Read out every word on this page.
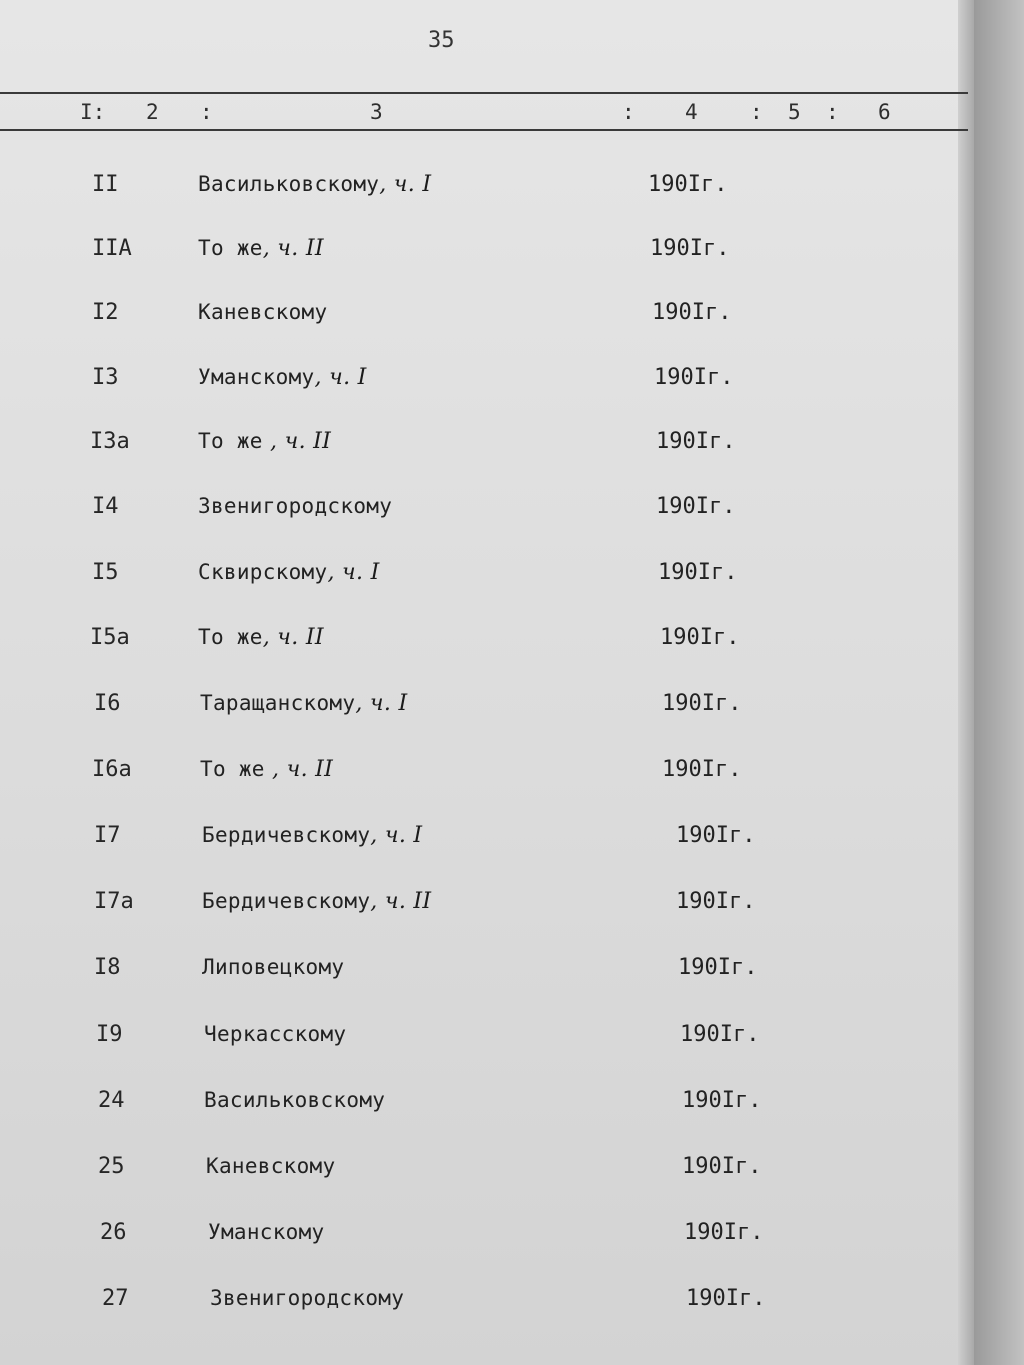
35
I: 2 :	3	: 4 : 5 : 6
II	Васильковскому, ч. I	190Iг.
IIA	То же, ч. II	190Iг.
I2	Каневскому	190Iг.
I3	Уманскому, ч. I	190Iг.
I3а	То же , ч. II	190Iг.
I4	Звенигородскому	190Iг.
I5	Сквирскому, ч. I	190Iг.
I5а	То же, ч. II	190Iг.
I6	Таращанскому, ч. I	190Iг.
I6а	То же , ч. II	190Iг.
I7	Бердичевскому, ч. I	190Iг.
I7а	Бердичевскому, ч. II	190Iг.
I8	Липовецкому	190Iг.
I9	Черкасскому	190Iг.
24	Васильковскому	190Iг.
25	Каневскому	190Iг.
26	Уманскому	190Iг.
27	Звенигородскому	190Iг.
